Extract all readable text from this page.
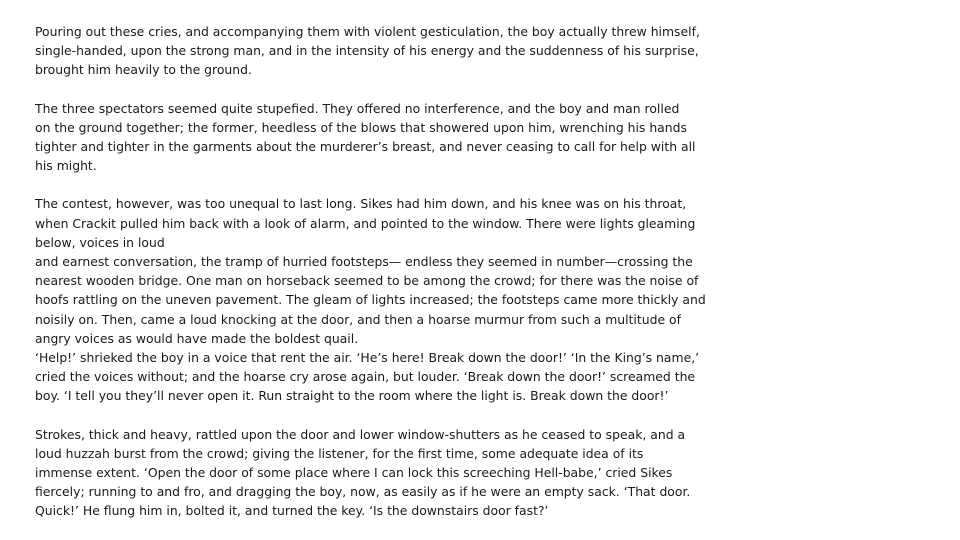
Pouring out these cries, and accompanying them with violent gesticulation, the boy actually threw himself,
single-handed, upon the strong man, and in the intensity of his energy and the suddenness of his surprise,
brought him heavily to the ground.

The three spectators seemed quite stupefied. They offered no interference, and the boy and man rolled
on the ground together; the former, heedless of the blows that showered upon him, wrenching his hands
tighter and tighter in the garments about the murderer’s breast, and never ceasing to call for help with all
his might.

The contest, however, was too unequal to last long. Sikes had him down, and his knee was on his throat,
when Crackit pulled him back with a look of alarm, and pointed to the window. There were lights gleaming
below, voices in loud
and earnest conversation, the tramp of hurried footsteps— endless they seemed in number—crossing the
nearest wooden bridge. One man on horseback seemed to be among the crowd; for there was the noise of
hoofs rattling on the uneven pavement. The gleam of lights increased; the footsteps came more thickly and
noisily on. Then, came a loud knocking at the door, and then a hoarse murmur from such a multitude of
angry voices as would have made the boldest quail.
‘Help!’ shrieked the boy in a voice that rent the air. ‘He’s here! Break down the door!’ ‘In the King’s name,’
cried the voices without; and the hoarse cry arose again, but louder. ‘Break down the door!’ screamed the
boy. ‘I tell you they’ll never open it. Run straight to the room where the light is. Break down the door!’

Strokes, thick and heavy, rattled upon the door and lower window-shutters as he ceased to speak, and a
loud huzzah burst from the crowd; giving the listener, for the first time, some adequate idea of its
immense extent. ‘Open the door of some place where I can lock this screeching Hell-babe,’ cried Sikes
fiercely; running to and fro, and dragging the boy, now, as easily as if he were an empty sack. ‘That door.
Quick!’ He flung him in, bolted it, and turned the key. ‘Is the downstairs door fast?’
